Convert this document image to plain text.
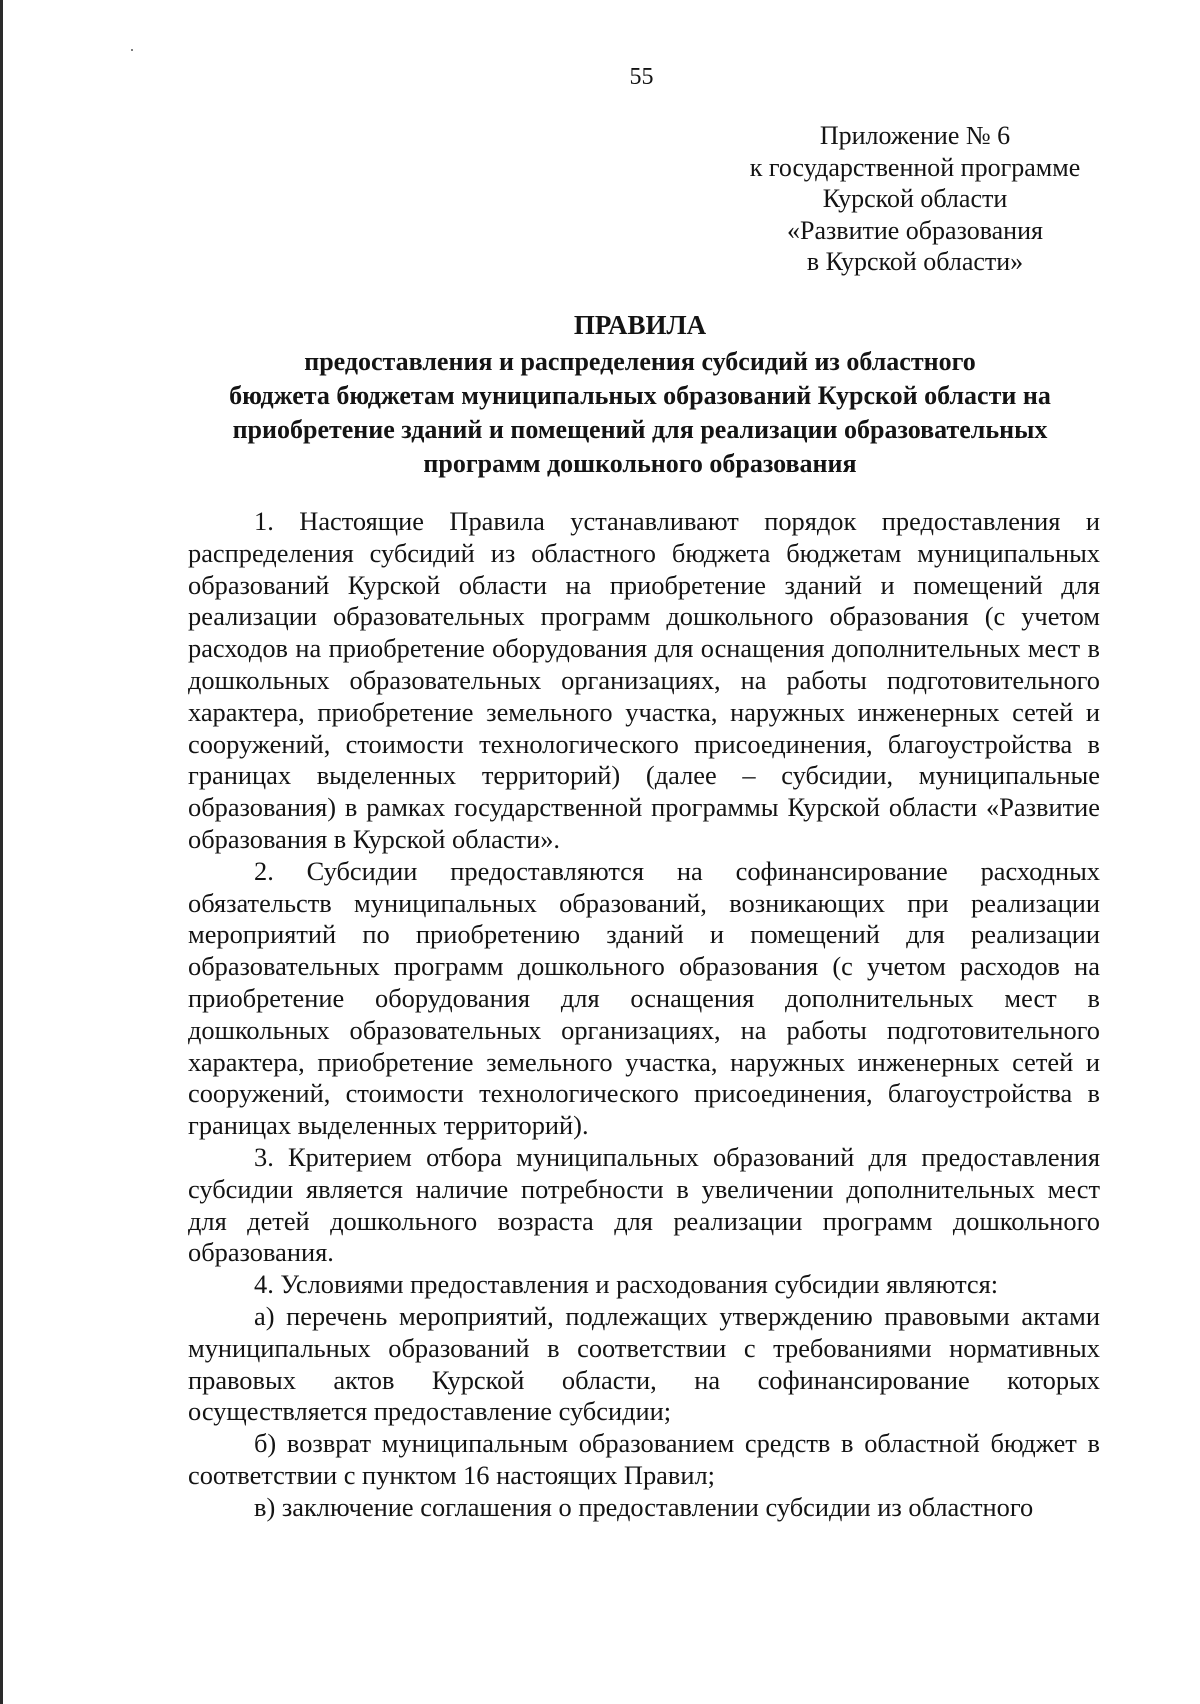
55
Приложение № 6
к государственной программе
Курской области
«Развитие образования
в Курской области»
ПРАВИЛА
предоставления и распределения субсидий из областного
бюджета бюджетам муниципальных образований Курской области на
приобретение зданий и помещений для реализации образовательных
программ дошкольного образования

1. Настоящие Правила устанавливают порядок предоставления и распределения субсидий из областного бюджета бюджетам муниципальных образований Курской области на приобретение зданий и помещений для реализации образовательных программ дошкольного образования (с учетом расходов на приобретение оборудования для оснащения дополнительных мест в дошкольных образовательных организациях, на работы подготовительного характера, приобретение земельного участка, наружных инженерных сетей и сооружений, стоимости технологического присоединения, благоустройства в границах выделенных территорий) (далее – субсидии, муниципальные образования) в рамках государственной программы Курской области «Развитие образования в Курской области».

2. Субсидии предоставляются на софинансирование расходных обязательств муниципальных образований, возникающих при реализации мероприятий по приобретению зданий и помещений для реализации образовательных программ дошкольного образования (с учетом расходов на приобретение оборудования для оснащения дополнительных мест в дошкольных образовательных организациях, на работы подготовительного характера, приобретение земельного участка, наружных инженерных сетей и сооружений, стоимости технологического присоединения, благоустройства в границах выделенных территорий).

3. Критерием отбора муниципальных образований для предоставления субсидии является наличие потребности в увеличении дополнительных мест для детей дошкольного возраста для реализации программ дошкольного образования.

4. Условиями предоставления и расходования субсидии являются:

а) перечень мероприятий, подлежащих утверждению правовыми актами муниципальных образований в соответствии с требованиями нормативных правовых актов Курской области, на софинансирование которых осуществляется предоставление субсидии;

б) возврат муниципальным образованием средств в областной бюджет в соответствии с пунктом 16 настоящих Правил;

в) заключение соглашения о предоставлении субсидии из областного
